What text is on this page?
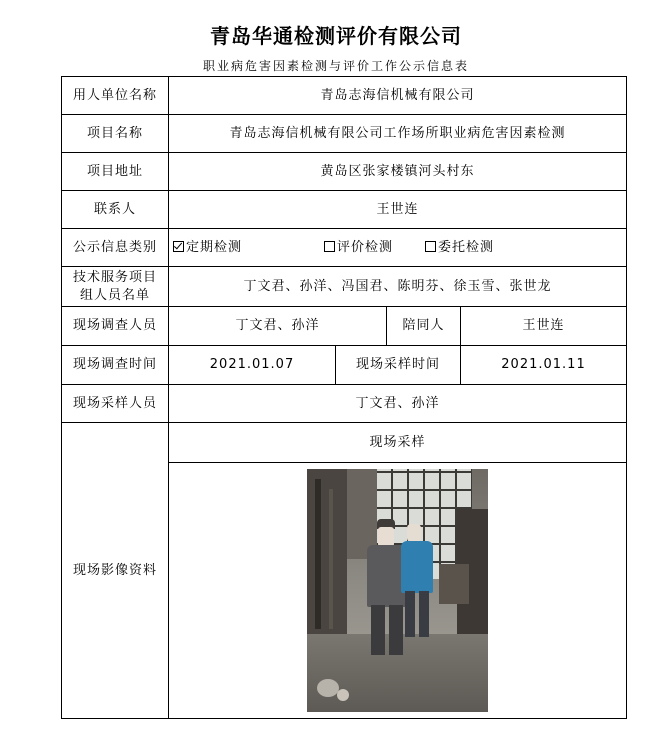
青岛华通检测评价有限公司
职业病危害因素检测与评价工作公示信息表
用人单位名称	青岛志海信机械有限公司			
项目名称	青岛志海信机械有限公司工作场所职业病危害因素检测			
项目地址	黄岛区张家楼镇河头村东			
联系人	王世连			
公示信息类别	定期检测 评价检测 委托检测			

技术服务项目
组人员名单	丁文君、孙洋、冯国君、陈明芬、徐玉雪、张世龙			
现场调查人员	丁文君、孙洋		陪同人	王世连
现场调查时间	2021.01.07	现场采样时间		2021.01.11
现场采样人员	丁文君、孙洋			
现场影像资料	现场采样			
